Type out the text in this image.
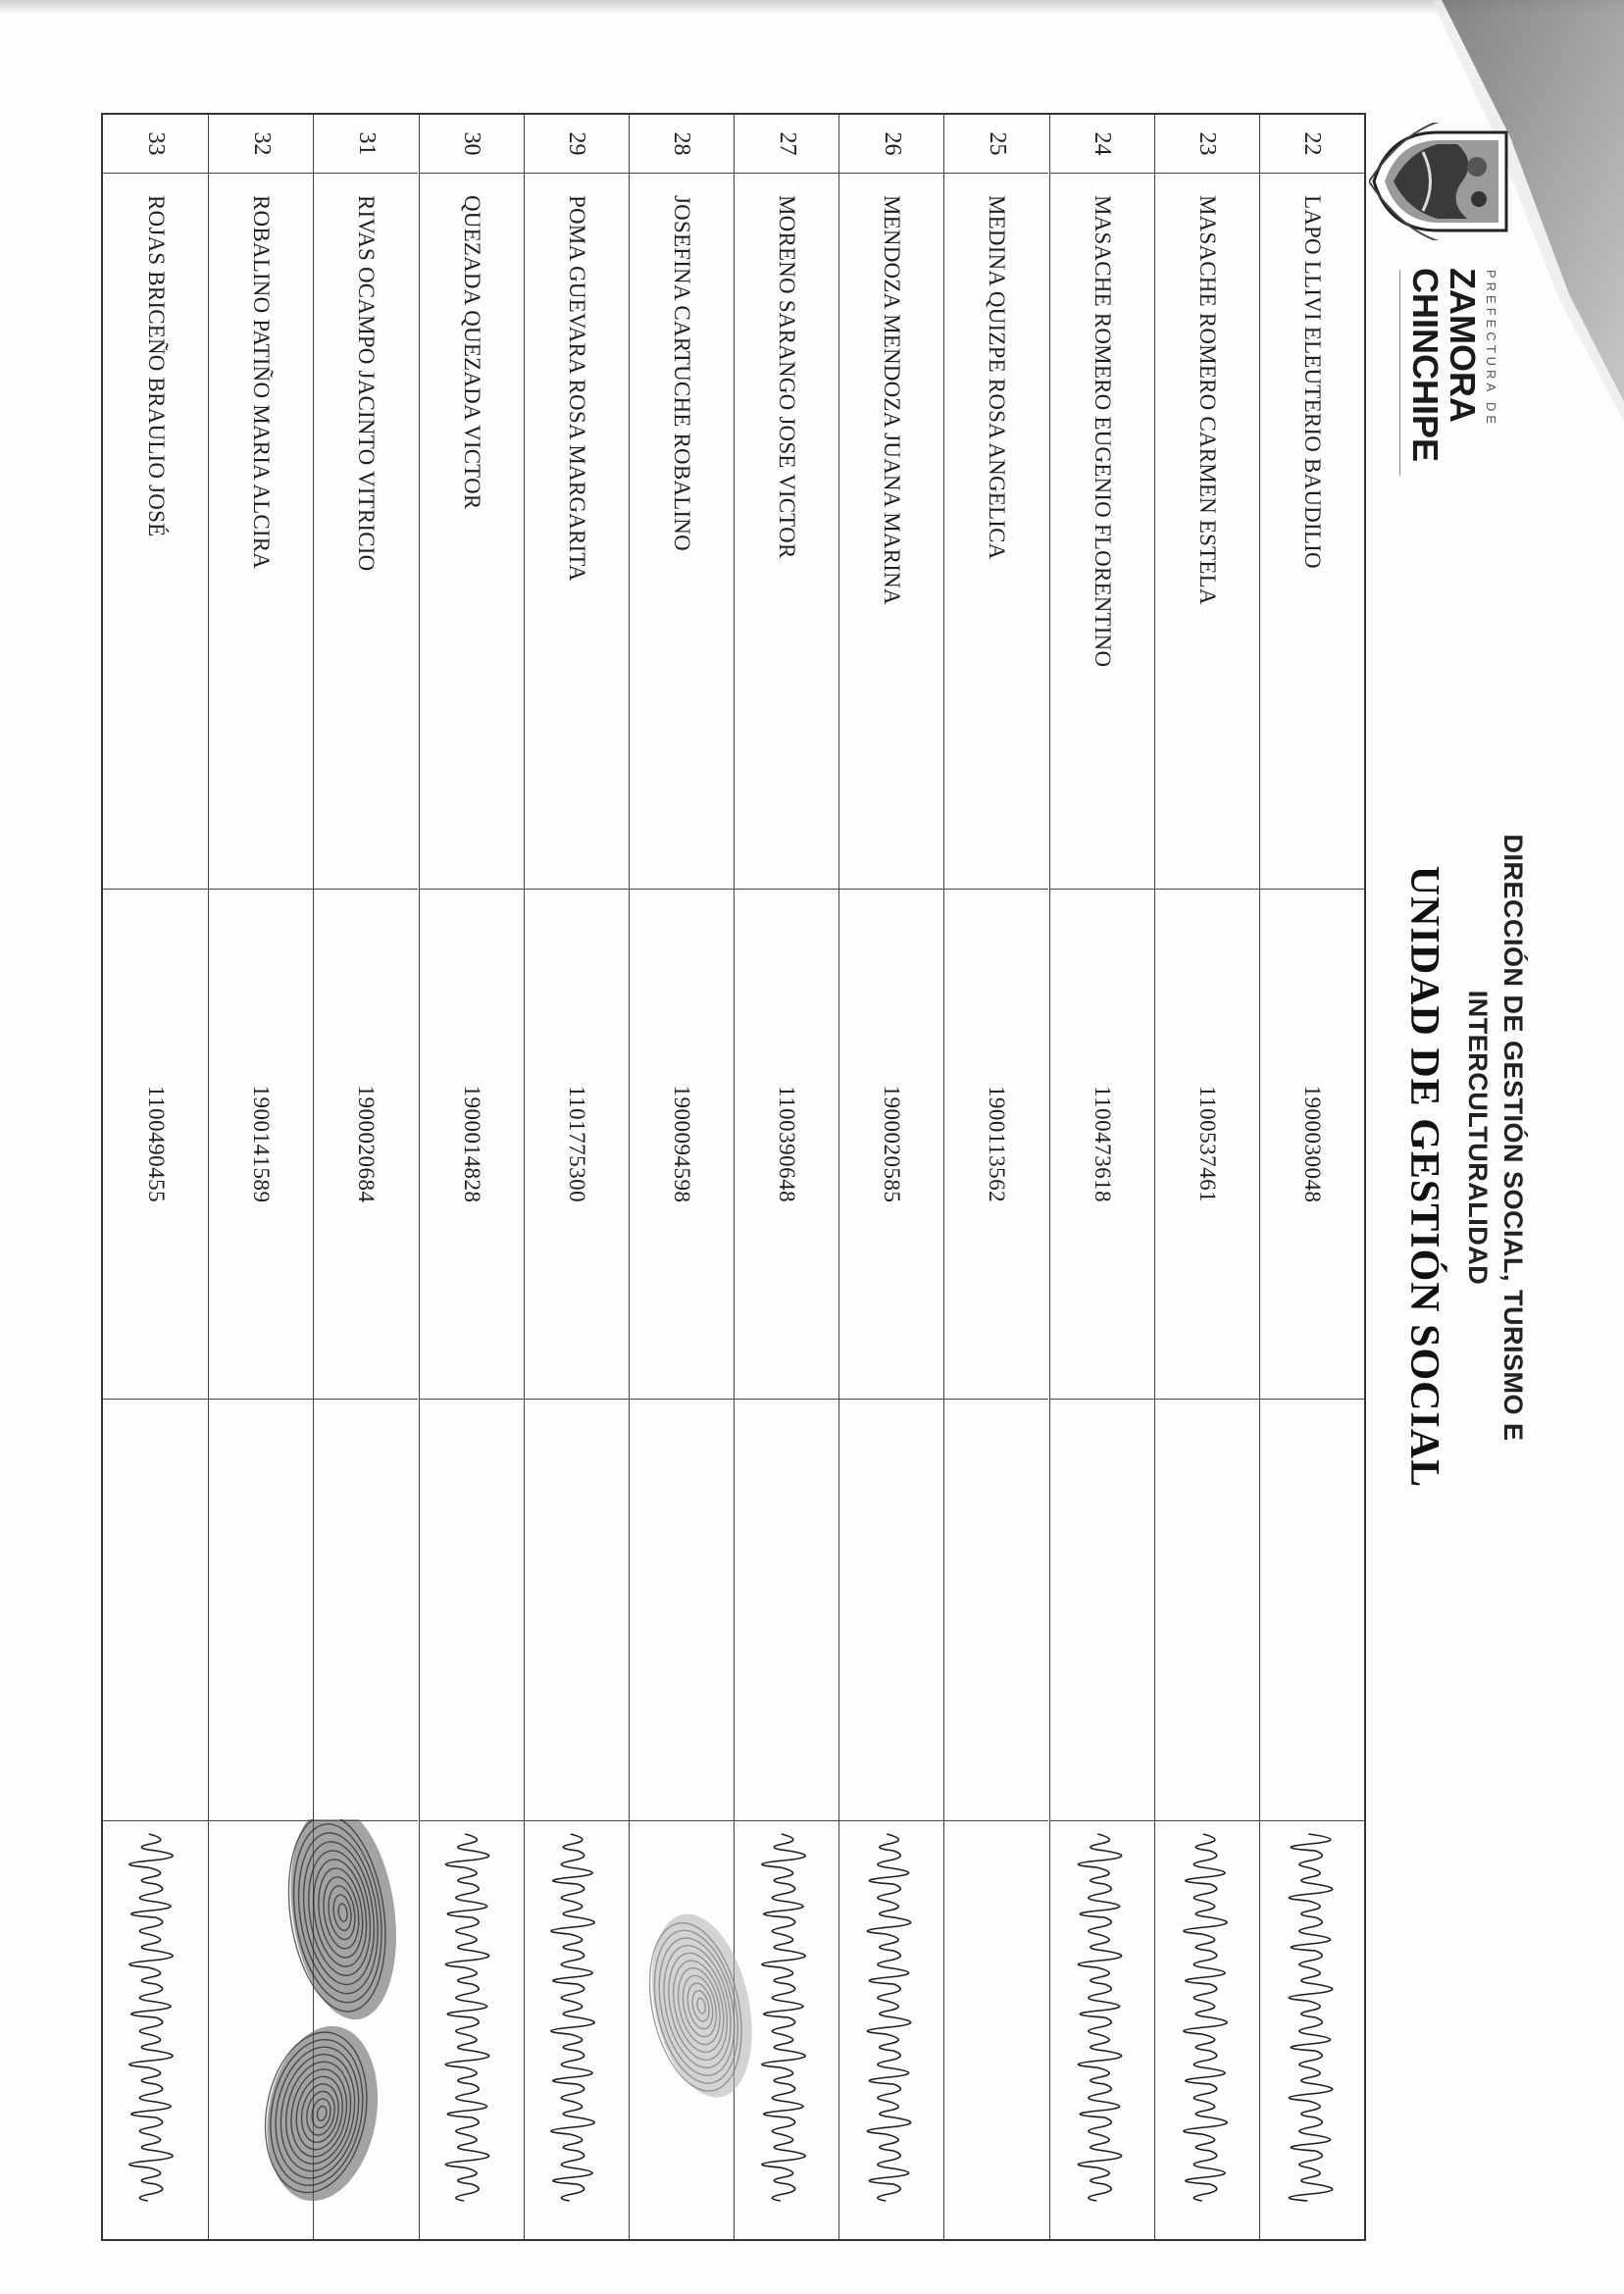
PREFECTURA DE
ZAMORA
CHINCHIPE
DIRECCIÓN DE GESTIÓN SOCIAL, TURISMO E
INTERCULTURALIDAD
UNIDAD DE GESTIÓN SOCIAL
22
LAPO LLIVI ELEUTERIO BAUDILIO
1900030048
23
MASACHE ROMERO CARMEN ESTELA
1100537461
24
MASACHE ROMERO EUGENIO FLORENTINO
1100473618
25
MEDINA QUIZPE ROSA ANGELICA
1900113562
26
MENDOZA MENDOZA JUANA MARINA
1900020585
27
MORENO SARANGO JOSE VICTOR
1100390648
28
JOSEFINA CARTUCHE ROBALINO
1900094598
29
POMA GUEVARA ROSA MARGARITA
1101775300
30
QUEZADA QUEZADA VICTOR
1900014828
31
RIVAS OCAMPO JACINTO VITRICIO
1900020684
32
ROBALINO PATIÑO MARIA ALCIRA
1900141589
33
ROJAS BRICEÑO BRAULIO JOSÉ
1100490455
